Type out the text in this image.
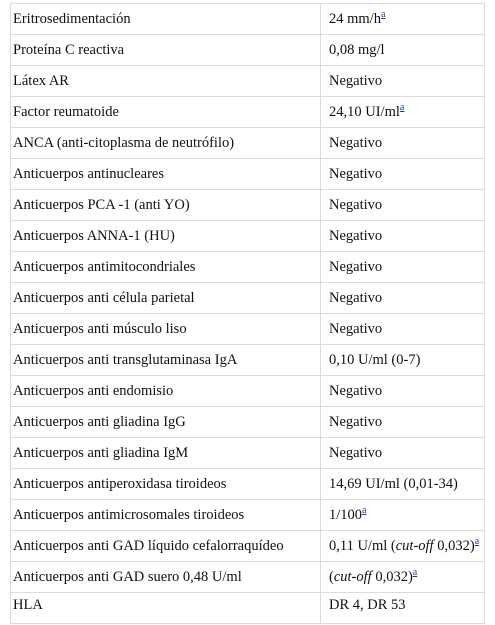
Eritrosedimentación	24 mm/h$^a$
Proteína C reactiva	0,08 mg/l
Látex AR	Negativo
Factor reumatoide	24,10 UI/ml$^a$
ANCA (anti-citoplasma de neutrófilo)	Negativo
Anticuerpos antinucleares	Negativo
Anticuerpos PCA -1 (anti YO)	Negativo
Anticuerpos ANNA-1 (HU)	Negativo
Anticuerpos antimitocondriales	Negativo
Anticuerpos anti célula parietal	Negativo
Anticuerpos anti músculo liso	Negativo
Anticuerpos anti transglutaminasa IgA	0,10 U/ml (0-7)
Anticuerpos anti endomisio	Negativo
Anticuerpos anti gliadina IgG	Negativo
Anticuerpos anti gliadina IgM	Negativo
Anticuerpos antiperoxidasa tiroideos	14,69 UI/ml (0,01-34)
Anticuerpos antimicrosomales tiroideos	1/100$^a$
Anticuerpos anti GAD líquido cefalorraquídeo	0,11 U/ml (cut-off 0,032)$^a$
Anticuerpos anti GAD suero 0,48 U/ml	(cut-off 0,032)$^a$
HLA	DR 4, DR 53
